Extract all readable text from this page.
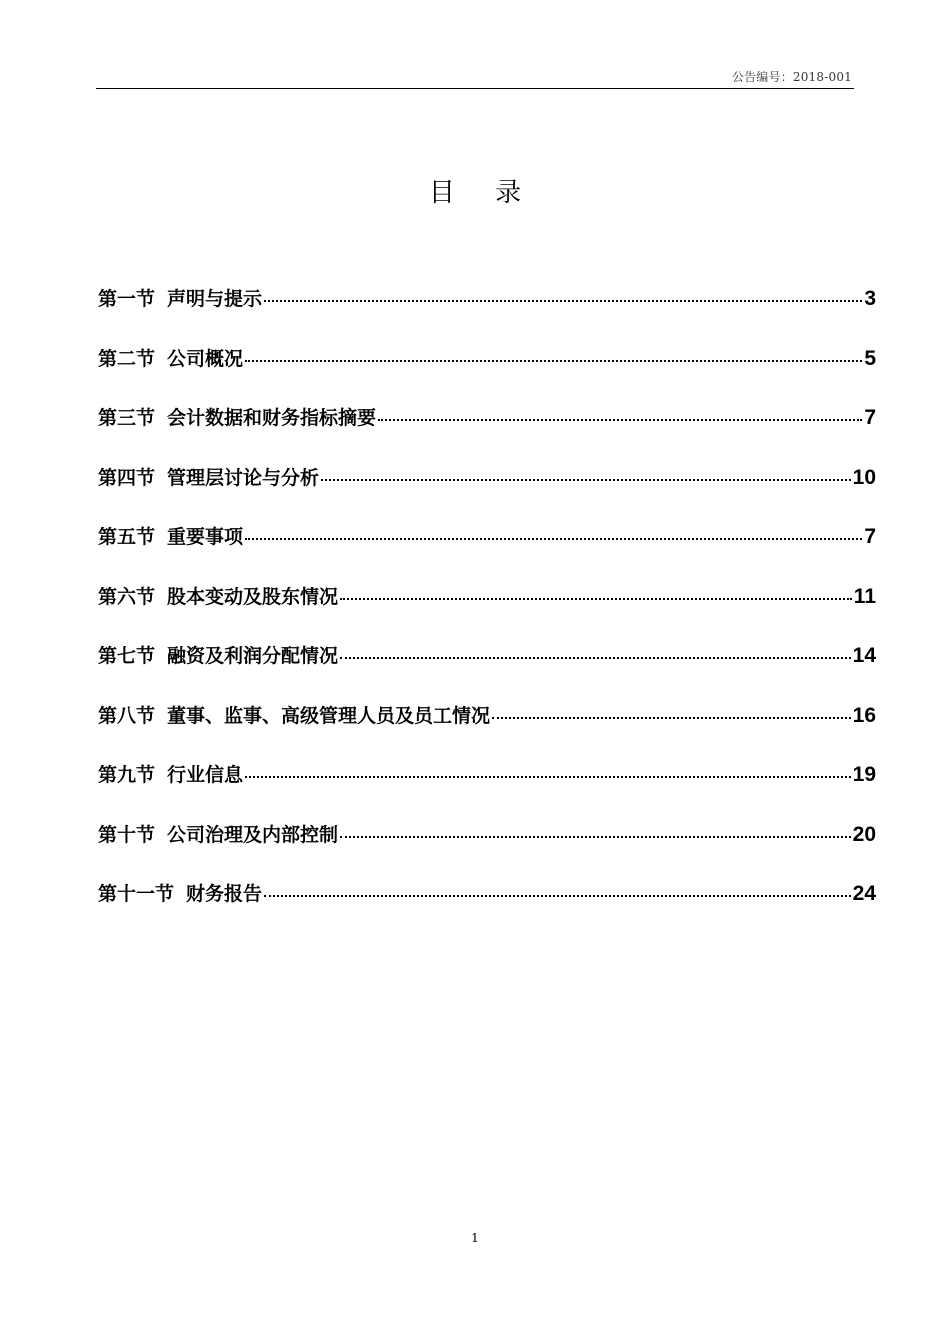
公告编号：2018-001
目 录
第一节 声明与提示	3
第二节 公司概况	5
第三节 会计数据和财务指标摘要	7
第四节 管理层讨论与分析	10
第五节 重要事项	7
第六节 股本变动及股东情况	11
第七节 融资及利润分配情况	14
第八节 董事、监事、高级管理人员及员工情况	16
第九节 行业信息	19
第十节 公司治理及内部控制	20
第十一节 财务报告	24
1
